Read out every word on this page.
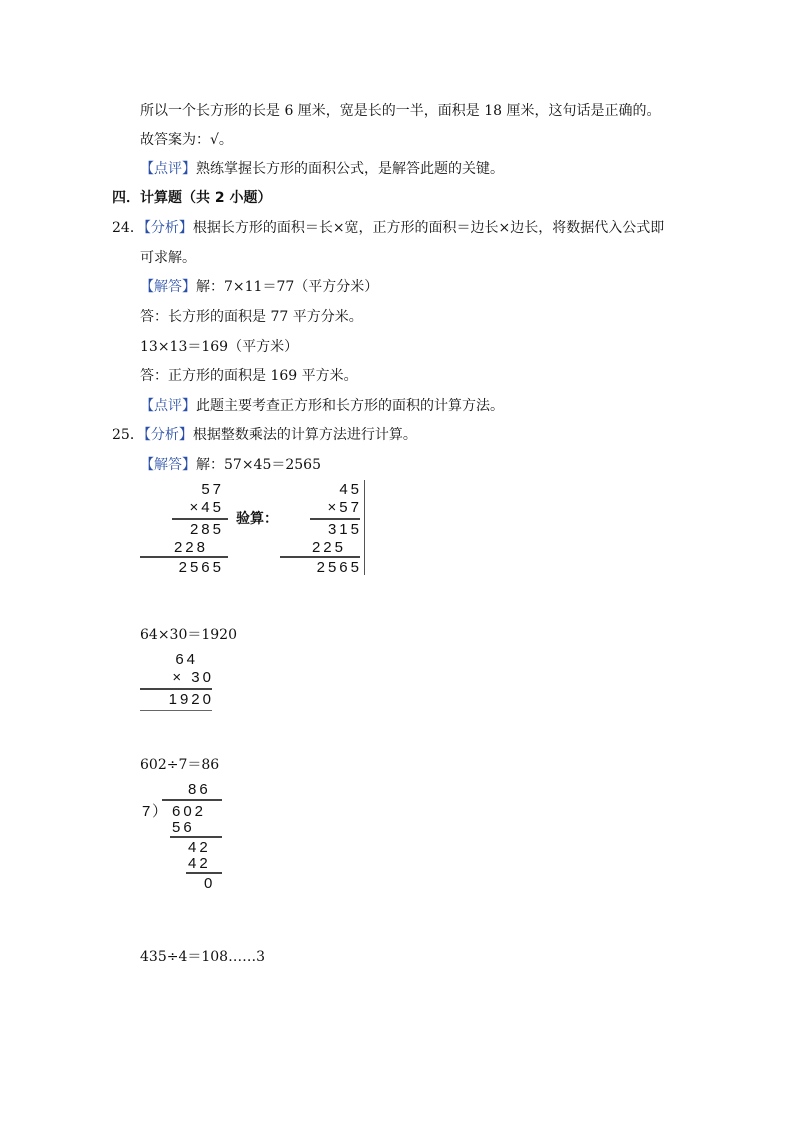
所以一个长方形的长是 6 厘米，宽是长的一半，面积是 18 厘米，这句话是正确的。
故答案为：√。
【点评】熟练掌握长方形的面积公式，是解答此题的关键。
四．计算题（共 2 小题）
24．【分析】根据长方形的面积＝长×宽，正方形的面积＝边长×边长，将数据代入公式即
可求解。
【解答】解：7×11＝77（平方分米）
答：长方形的面积是 77 平方分米。
13×13＝169（平方米）
答：正方形的面积是 169 平方米。
【点评】此题主要考查正方形和长方形的面积的计算方法。
25．【分析】根据整数乘法的计算方法进行计算。
【解答】解：57×45＝2565
57
×45
285
228
2565
验算：
45
×57
315
225
2565
64×30＝1920
64
× 30
1920
602÷7＝86
86
7
） 602
56
42
42
0
435÷4＝108……3
